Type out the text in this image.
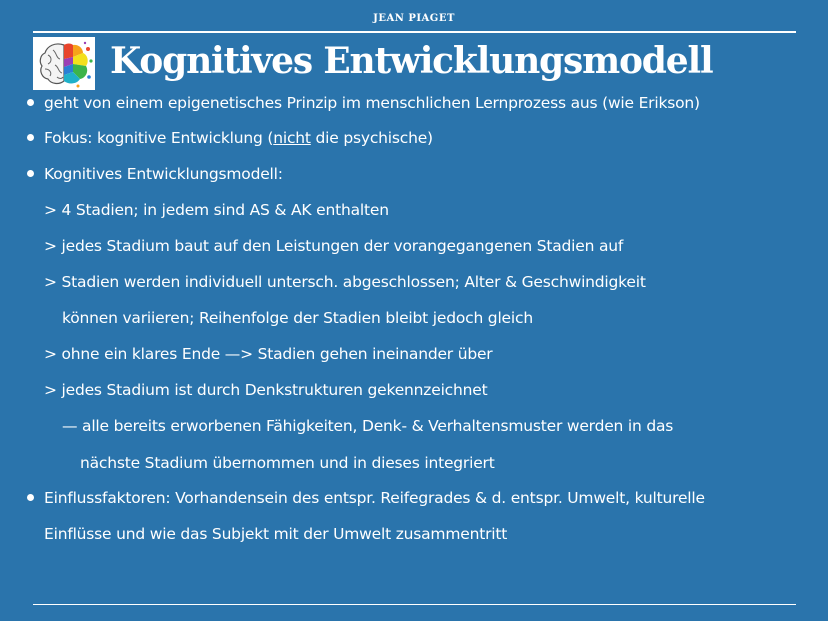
JEAN PIAGET
Kognitives Entwicklungsmodell
geht von einem epigenetisches Prinzip im menschlichen Lernprozess aus (wie Erikson)
Fokus: kognitive Entwicklung (nicht die psychische)
Kognitives Entwicklungsmodell:
> 4 Stadien; in jedem sind AS & AK enthalten
> jedes Stadium baut auf den Leistungen der vorangegangenen Stadien auf
> Stadien werden individuell untersch. abgeschlossen; Alter & Geschwindigkeit
können variieren; Reihenfolge der Stadien bleibt jedoch gleich
> ohne ein klares Ende —> Stadien gehen ineinander über
> jedes Stadium ist durch Denkstrukturen gekennzeichnet
— alle bereits erworbenen Fähigkeiten, Denk- & Verhaltensmuster werden in das
nächste Stadium übernommen und in dieses integriert
Einflussfaktoren: Vorhandensein des entspr. Reifegrades & d. entspr. Umwelt, kulturelle
Einflüsse und wie das Subjekt mit der Umwelt zusammentritt
